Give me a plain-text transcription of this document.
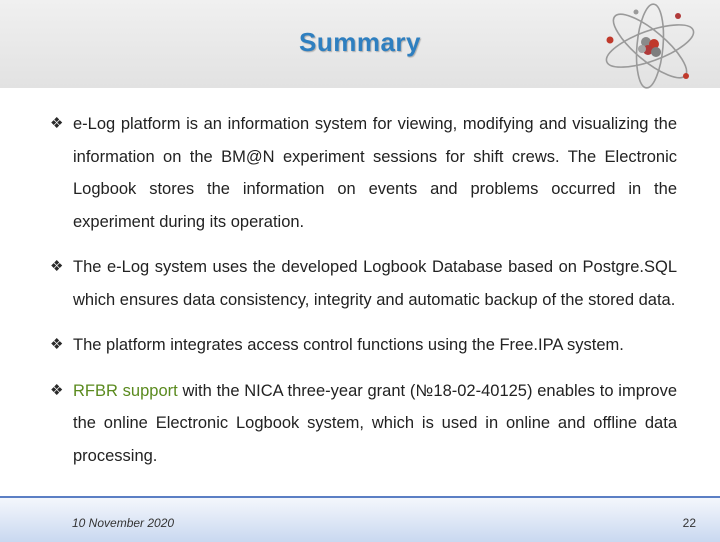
Summary
❖ e-Log platform is an information system for viewing, modifying and visualizing the information on the BM@N experiment sessions for shift crews. The Electronic Logbook stores the information on events and problems occurred in the experiment during its operation.
❖ The e-Log system uses the developed Logbook Database based on Postgre.SQL which ensures data consistency, integrity and automatic backup of the stored data.
❖ The platform integrates access control functions using the Free.IPA system.
❖ RFBR support with the NICA three-year grant (№18-02-40125) enables to improve the online Electronic Logbook system, which is used in online and offline data processing.
10 November 2020	22
